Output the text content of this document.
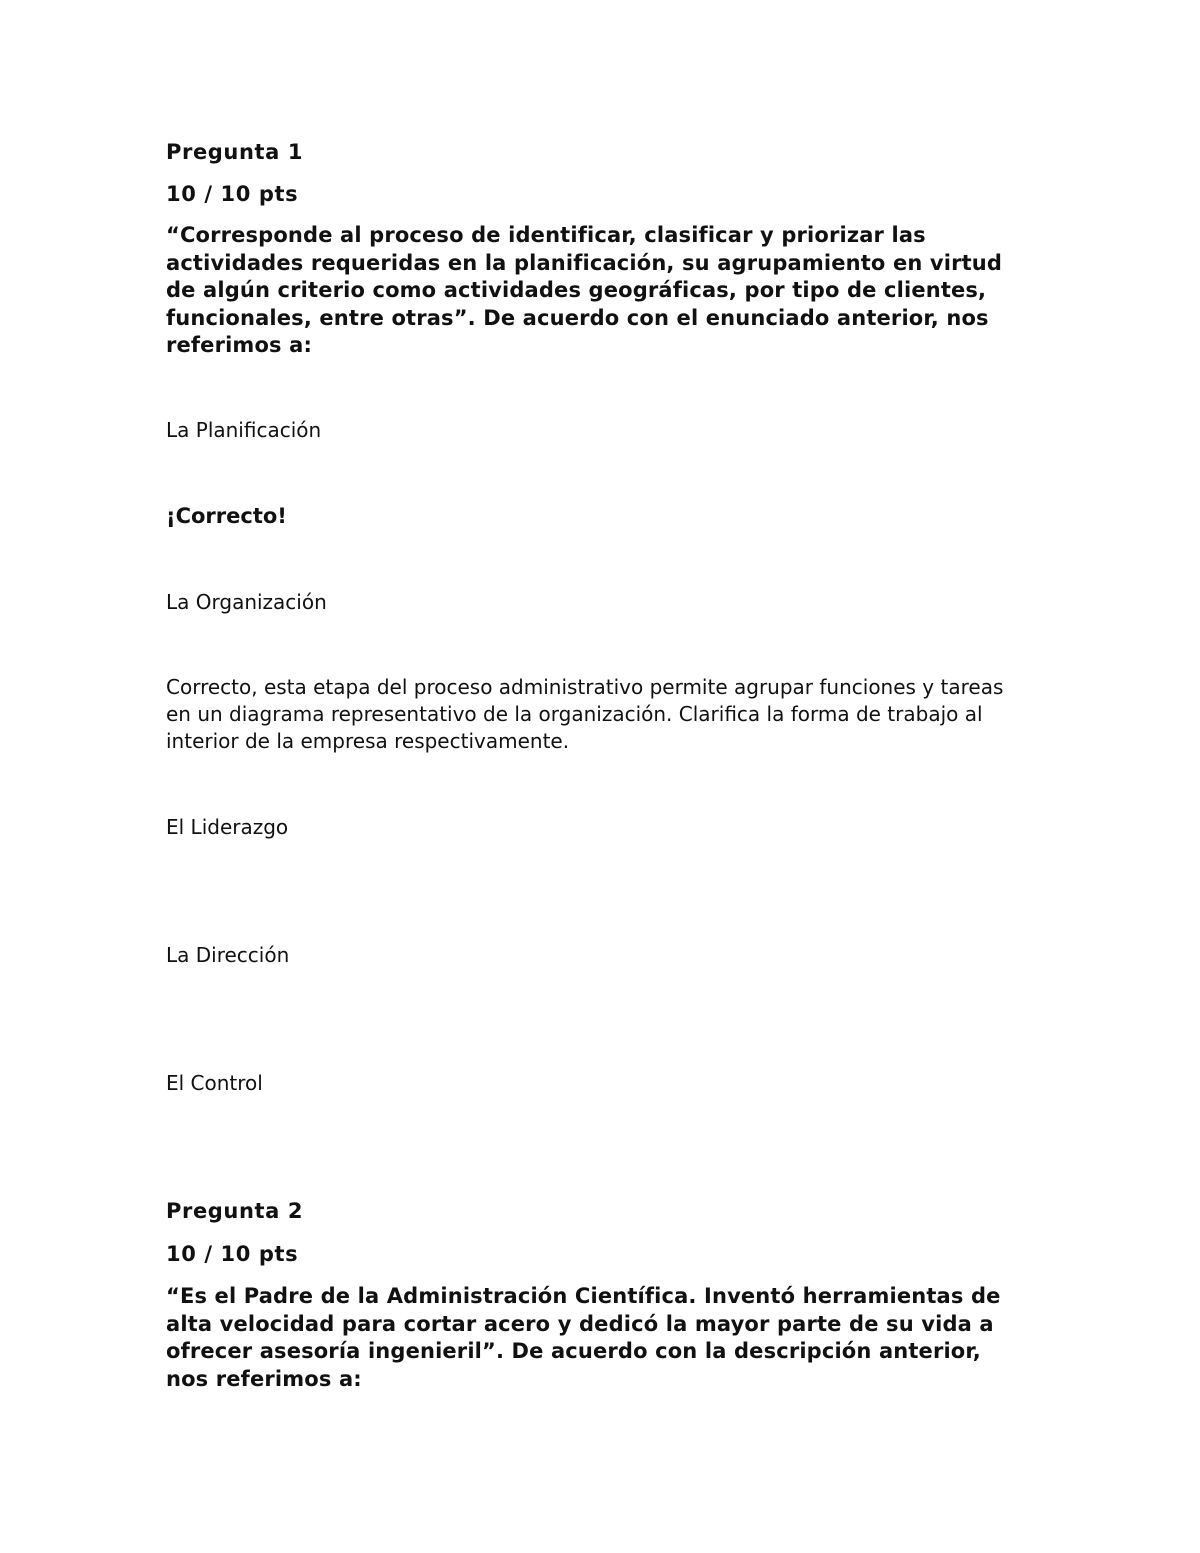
Pregunta 1
10 / 10 pts
“Corresponde al proceso de identificar, clasificar y priorizar las actividades requeridas en la planificación, su agrupamiento en virtud de algún criterio como actividades geográficas, por tipo de clientes, funcionales, entre otras”. De acuerdo con el enunciado anterior, nos referimos a:
La Planificación
¡Correcto!
La Organización
Correcto, esta etapa del proceso administrativo permite agrupar funciones y tareas en un diagrama representativo de la organización. Clarifica la forma de trabajo al interior de la empresa respectivamente.
El Liderazgo
La Dirección
El Control
Pregunta 2
10 / 10 pts
“Es el Padre de la Administración Científica. Inventó herramientas de alta velocidad para cortar acero y dedicó la mayor parte de su vida a ofrecer asesoría ingenieril”. De acuerdo con la descripción anterior, nos referimos a:
